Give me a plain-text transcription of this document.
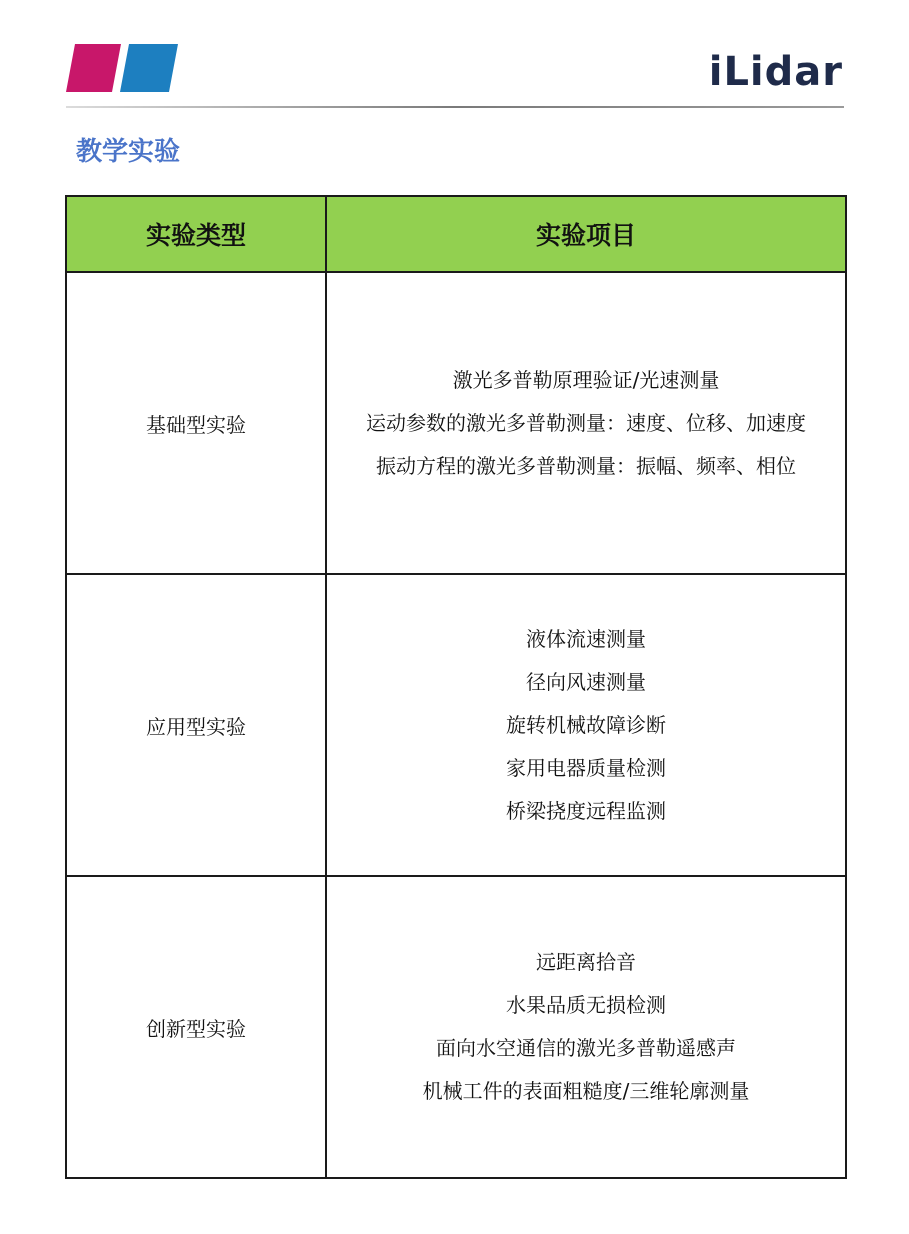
iLidar
教学实验
实验类型	实验项目
基础型实验	激光多普勒原理验证/光速测量
运动参数的激光多普勒测量：速度、位移、加速度
振动方程的激光多普勒测量：振幅、频率、相位

应用型实验	液体流速测量
径向风速测量
旋转机械故障诊断
家用电器质量检测
桥梁挠度远程监测

创新型实验	远距离拾音
水果品质无损检测
面向水空通信的激光多普勒遥感声
机械工件的表面粗糙度/三维轮廓测量
